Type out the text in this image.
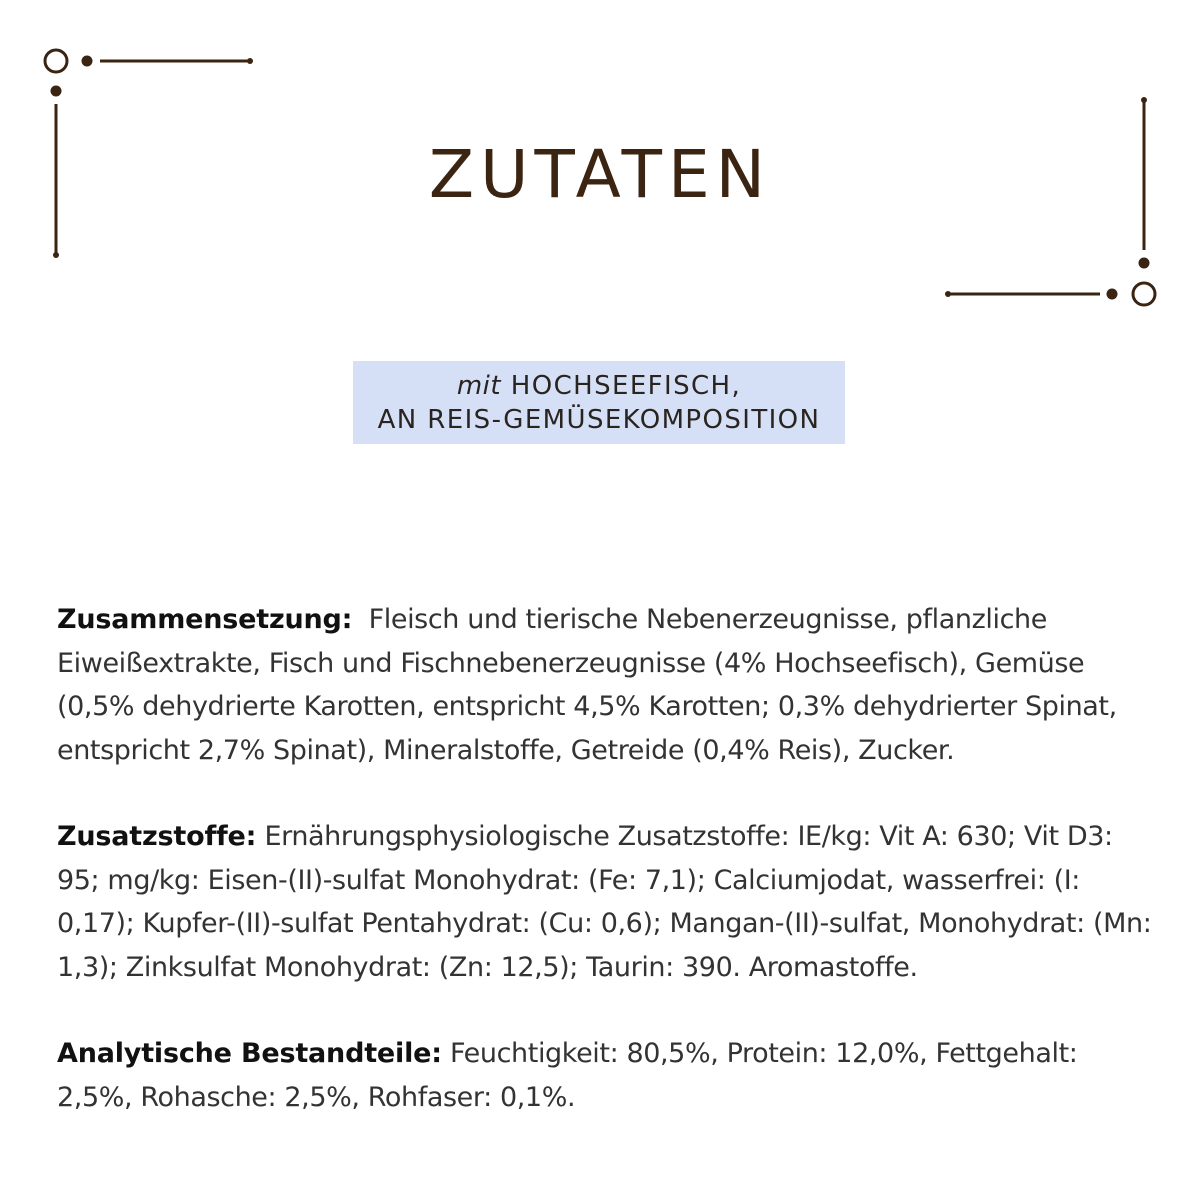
ZUTATEN
mit HOCHSEEFISCH,
AN REIS-GEMÜSEKOMPOSITION

Zusammensetzung: Fleisch und tierische Nebenerzeugnisse, pflanzliche Eiweißextrakte, Fisch und Fischnebenerzeugnisse (4% Hochseefisch), Gemüse (0,5% dehydrierte Karotten, entspricht 4,5% Karotten; 0,3% dehydrierter Spinat, entspricht 2,7% Spinat), Mineralstoffe, Getreide (0,4% Reis), Zucker.

Zusatzstoffe: Ernährungsphysiologische Zusatzstoffe: IE/kg: Vit A: 630; Vit D3: 95; mg/kg: Eisen-(II)-sulfat Monohydrat: (Fe: 7,1); Calciumjodat, wasserfrei: (I: 0,17); Kupfer-(II)-sulfat Pentahydrat: (Cu: 0,6); Mangan-(II)-sulfat, Monohydrat: (Mn: 1,3); Zinksulfat Monohydrat: (Zn: 12,5); Taurin: 390. Aromastoffe.

Analytische Bestandteile: Feuchtigkeit: 80,5%, Protein: 12,0%, Fettgehalt: 2,5%, Rohasche: 2,5%, Rohfaser: 0,1%.
